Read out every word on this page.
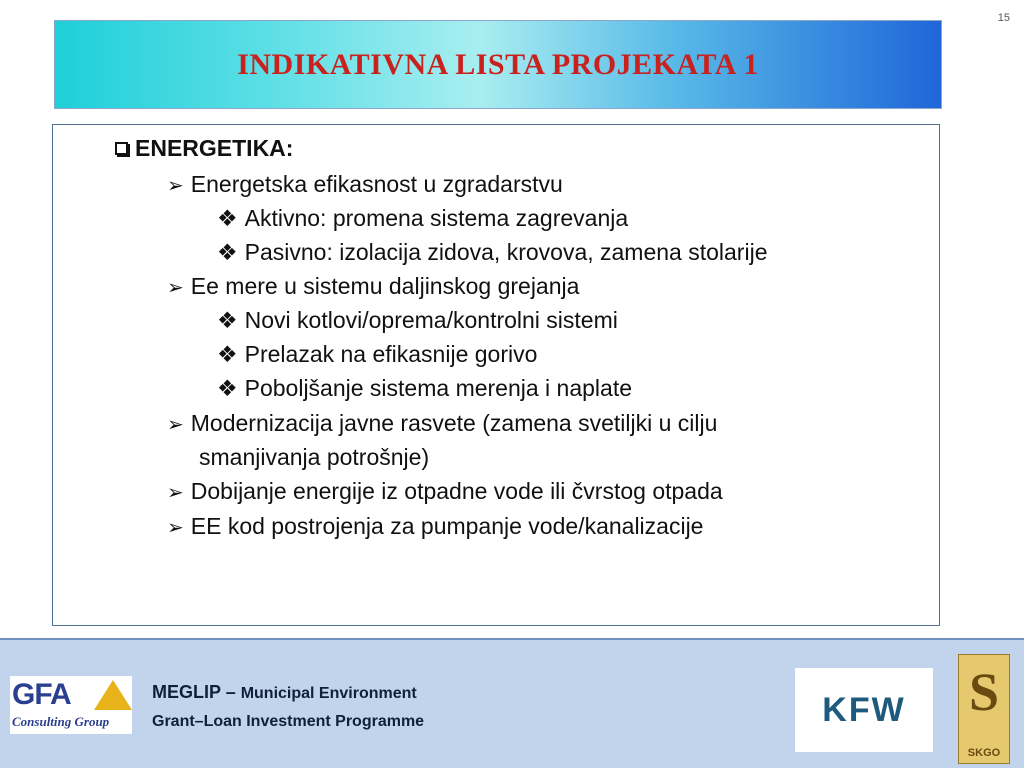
15
INDIKATIVNA LISTA PROJEKATA 1
ENERGETIKA:
➢ Energetska efikasnost u zgradarstvu
❖ Aktivno: promena sistema zagrevanja
❖ Pasivno: izolacija zidova, krovova, zamena stolarije
➢ Ee mere u sistemu daljinskog grejanja
❖ Novi kotlovi/oprema/kontrolni sistemi
❖ Prelazak na efikasnije gorivo
❖ Poboljšanje sistema merenja i naplate
➢ Modernizacija javne rasvete (zamena svetiljki u cilju
smanjivanja potrošnje)
➢ Dobijanje energije iz otpadne vode ili čvrstog otpada
➢ EE kod postrojenja za pumpanje vode/kanalizacije
GFA
Consulting Group
MEGLIP – Municipal Environment
Grant–Loan Investment Programme	KFW	S
SKGO
